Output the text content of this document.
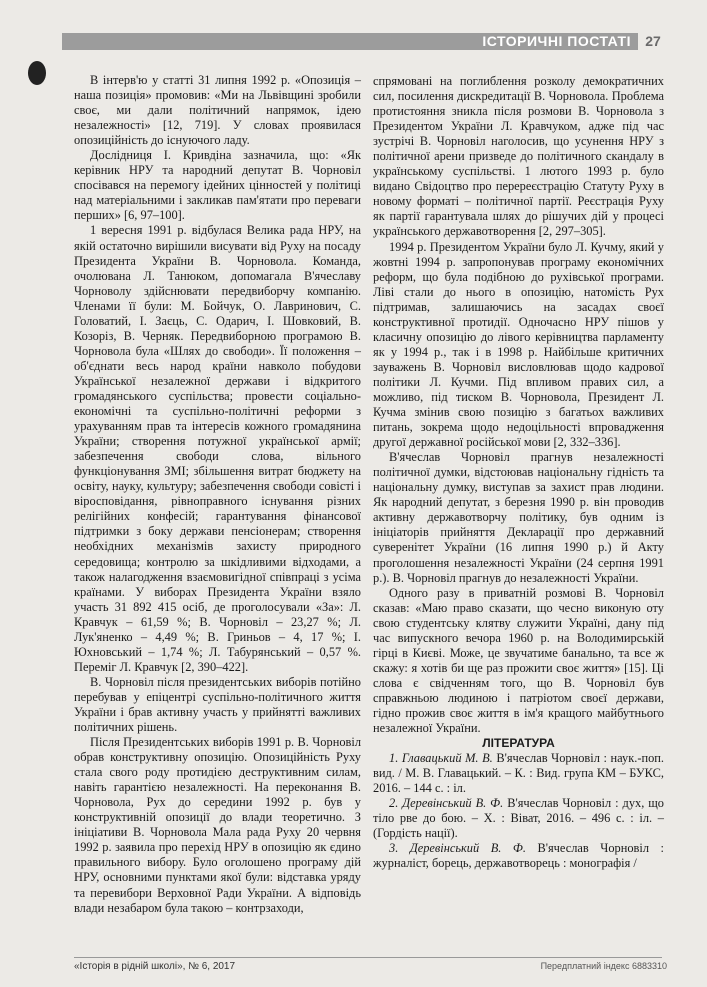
ІСТОРИЧНІ ПОСТАТІ	27

В інтерв'ю у статті 31 липня 1992 р. «Опозиція – наша позиція» промовив: «Ми на Львівщині зробили своє, ми дали політичний напрямок, ідею незалежності» [12, 719]. У словах проявилася опозиційність до існуючого ладу.

Дослідниця І. Кривдіна зазначила, що: «Як керівник НРУ та народний депутат В. Чорновіл спосівався на перемогу ідейних цінностей у політиці над матеріальними і закликав пам'ятати про переваги перших» [6, 97–100].

1 вересня 1991 р. відбулася Велика рада НРУ, на якій остаточно вирішили висувати від Руху на посаду Президента України В. Чорновола. Команда, очолювана Л. Танюком, допомагала В'ячеславу Чорноволу здійснювати передвиборчу компанію. Членами її були: М. Бойчук, О. Лавринович, С. Головатий, І. Заєць, С. Одарич, І. Шовковий, В. Козоріз, В. Черняк. Передвиборною програмою В. Чорновола була «Шлях до свободи». Її положення – об'єднати весь народ країни навколо побудови Української незалежної держави і відкритого громадянського суспільства; провести соціально-економічні та суспільно-політичні реформи з урахуванням прав та інтересів кожного громадянина України; створення потужної української армії; забезпечення свободи слова, вільного функціонування ЗМІ; збільшення витрат бюджету на освіту, науку, культуру; забезпечення свободи совісті і віросповідання, рівноправного існування різних релігійних конфесій; гарантування фінансової підтримки з боку держави пенсіонерам; створення необхідних механізмів захисту природного середовища; контролю за шкідливими відходами, а також налагодження взаємовигідної співпраці з усіма країнами. У виборах Президента України взяло участь 31 892 415 осіб, де проголосували «За»: Л. Кравчук – 61,59 %; В. Чорновіл – 23,27 %; Л. Лук'яненко – 4,49 %; В. Гриньов – 4, 17 %; І. Юхновський – 1,74 %; Л. Табурянський – 0,57 %. Переміг Л. Кравчук [2, 390–422].

В. Чорновіл після президентських виборів потійно перебував у епіцентрі суспільно-політичного життя України і брав активну участь у прийнятті важливих політичних рішень.

Після Президентських виборів 1991 р. В. Чорновіл обрав конструктивну опозицію. Опозиційність Руху стала свого роду протидією деструктивним силам, навіть гарантією незалежності. На переконання В. Чорновола, Рух до середини 1992 р. був у конструктивній опозиції до влади теоретично. З ініціативи В. Чорновола Мала рада Руху 20 червня 1992 р. заявила про перехід НРУ в опозицію як єдино правильного вибору. Було оголошено програму дій НРУ, основними пунктами якої були: відставка уряду та перевибори Верховної Ради України. А відповідь влади незабаром була такою – контрзаходи,

спрямовані на поглиблення розколу демократичних сил, посилення дискредитації В. Чорновола. Проблема протистояння зникла після розмови В. Чорновола з Президентом України Л. Кравчуком, адже під час зустрічі В. Чорновіл наголосив, що усунення НРУ з політичної арени призведе до політичного скандалу в українському суспільстві. 1 лютого 1993 р. було видано Свідоцтво про перереєстрацію Статуту Руху в новому форматі – політичної партії. Реєстрація Руху як партії гарантувала шлях до рішучих дій у процесі українського державотворення [2, 297–305].

1994 р. Президентом України було Л. Кучму, який у жовтні 1994 р. запропонував програму економічних реформ, що була подібною до рухівської програми. Ліві стали до нього в опозицію, натомість Рух підтримав, залишаючись на засадах своєї конструктивної протидії. Одночасно НРУ пішов у класичну опозицію до лівого керівництва парламенту як у 1994 р., так і в 1998 р. Найбільше критичних зауважень В. Чорновіл висловлював щодо кадрової політики Л. Кучми. Під впливом правих сил, а можливо, під тиском В. Чорновола, Президент Л. Кучма змінив свою позицію з багатьох важливих питань, зокрема щодо недоцільності впровадження другої державної російської мови [2, 332–336].

В'ячеслав Чорновіл прагнув незалежності політичної думки, відстоював національну гідність та національну думку, виступав за захист прав людини. Як народний депутат, з березня 1990 р. він проводив активну державотворчу політику, був одним із ініціаторів прийняття Декларації про державний суверенітет України (16 липня 1990 р.) й Акту проголошення незалежності України (24 серпня 1991 р.). В. Чорновіл прагнув до незалежності України.

Одного разу в приватній розмові В. Чорновіл сказав: «Маю право сказати, що чесно виконую оту свою студентську клятву служити Україні, дану під час випускного вечора 1960 р. на Володимирській гірці в Києві. Може, це звучатиме банально, та все ж скажу: я хотів би ще раз прожити своє життя» [15]. Ці слова є свідченням того, що В. Чорновіл був справжньою людиною і патріотом своєї держави, гідно прожив своє життя в ім'я кращого майбутнього незалежної України.

ЛІТЕРАТУРА

1. Главацький М. В. В'ячеслав Чорновіл : наук.-поп. вид. / М. В. Главацький. – К. : Вид. група КМ – БУКС, 2016. – 144 с. : іл.

2. Деревінський В. Ф. В'ячеслав Чорновіл : дух, що тіло рве до бою. – Х. : Віват, 2016. – 496 с. : іл. – (Гордість нації).

3. Деревінський В. Ф. В'ячеслав Чорновіл : журналіст, борець, державотворець : монографія /

«Історія в рідній школі», № 6, 2017	Передплатний індекс 6883310
